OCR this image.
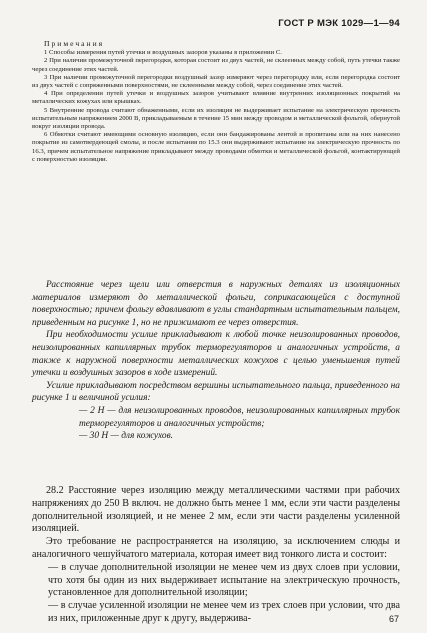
ГОСТ Р МЭК 1029—1—94
Примечания

1 Способы измерения путей утечки и воздушных зазоров указаны в приложении С.

2 При наличии промежуточной перегородки, которая состоит из двух частей, не склеенных между собой, путь утечки также через соединение этих частей.

3 При наличии промежуточной перегородки воздушный зазор измеряют через перегородку или, если перегородка состоит из двух частей с сопряженными поверхностями, не склеенными между собой, через соединение этих частей.

4 При определении путей утечки и воздушных зазоров учитывают влияние внутренних изоляционных покрытий на металлических кожухах или крышках.

5 Внутренние провода считают обнаженными, если их изоляция не выдерживает испытание на электрическую прочность испытательным напряжением 2000 В, прикладываемым в течение 15 мин между проводом и металлической фольгой, обернутой вокруг изоляции провода.

6 Обмотки считают имеющими основную изоляцию, если они бандажированы лентой и пропитаны или на них нанесено покрытие из самотвердеющей смолы, и после испытания по 15.3 они выдерживают испытание на электрическую прочность по 16.3, причем испытательное напряжение прикладывают между проводами обмотки и металлической фольгой, контактирующей с поверхностью изоляции.

Расстояние через щели или отверстия в наружных деталях из изоляционных материалов измеряют до металлической фольги, соприкасающейся с доступной поверхностью; причем фольгу вдавливают в углы стандартным испытательным пальцем, приведенным на рисунке 1, но не прижимают ее через отверстия.

При необходимости усилие прикладывают к любой точке неизолированных проводов, неизолированных капиллярных трубок терморегуляторов и аналогичных устройств, а также к наружной поверхности металлических кожухов с целью уменьшения путей утечки и воздушных зазоров в ходе измерений.

Усилие прикладывают посредством вершины испытательного пальца, приведенного на рисунке 1 и величиной усилия:

— 2 Н — для неизолированных проводов, неизолированных капиллярных трубок терморегуляторов и аналогичных устройств;

— 30 Н — для кожухов.

28.2 Расстояние через изоляцию между металлическими частями при рабочих напряжениях до 250 В включ. не должно быть менее 1 мм, если эти части разделены дополнительной изоляцией, и не менее 2 мм, если эти части разделены усиленной изоляцией.

Это требование не распространяется на изоляцию, за исключением слюды и аналогичного чешуйчатого материала, которая имеет вид тонкого листа и состоит:

— в случае дополнительной изоляции не менее чем из двух слоев при условии, что хотя бы один из них выдерживает испытание на электрическую прочность, установленное для дополнительной изоляции;

— в случае усиленной изоляции не менее чем из трех слоев при условии, что два из них, приложенные друг к другу, выдержива-	67
